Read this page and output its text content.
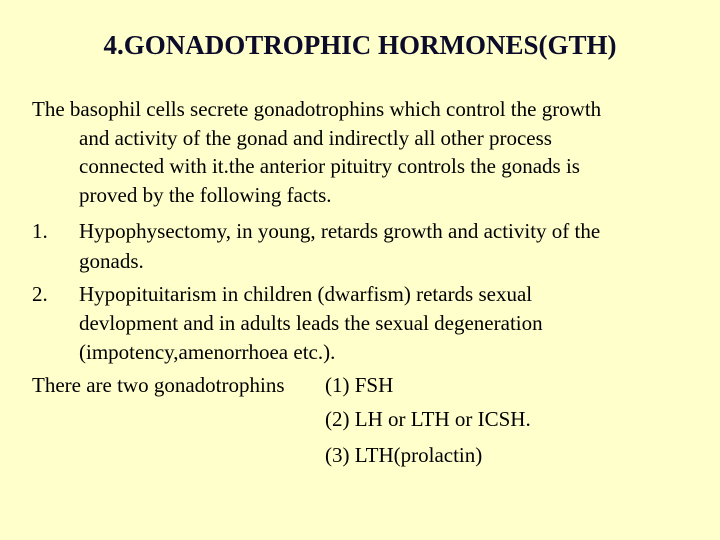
4.GONADOTROPHIC HORMONES(GTH)
The basophil cells secrete gonadotrophins which control the growth
and activity of the gonad and indirectly all other process
connected with it.the anterior pituitry controls the gonads is
proved by the following facts.
1. Hypophysectomy, in young, retards growth and activity of the
gonads.
2. Hypopituitarism in children (dwarfism) retards sexual
devlopment and in adults leads the sexual degeneration
(impotency,amenorrhoea etc.).
There are two gonadotrophins (1) FSH
(2) LH or LTH or ICSH.
(3) LTH(prolactin)
